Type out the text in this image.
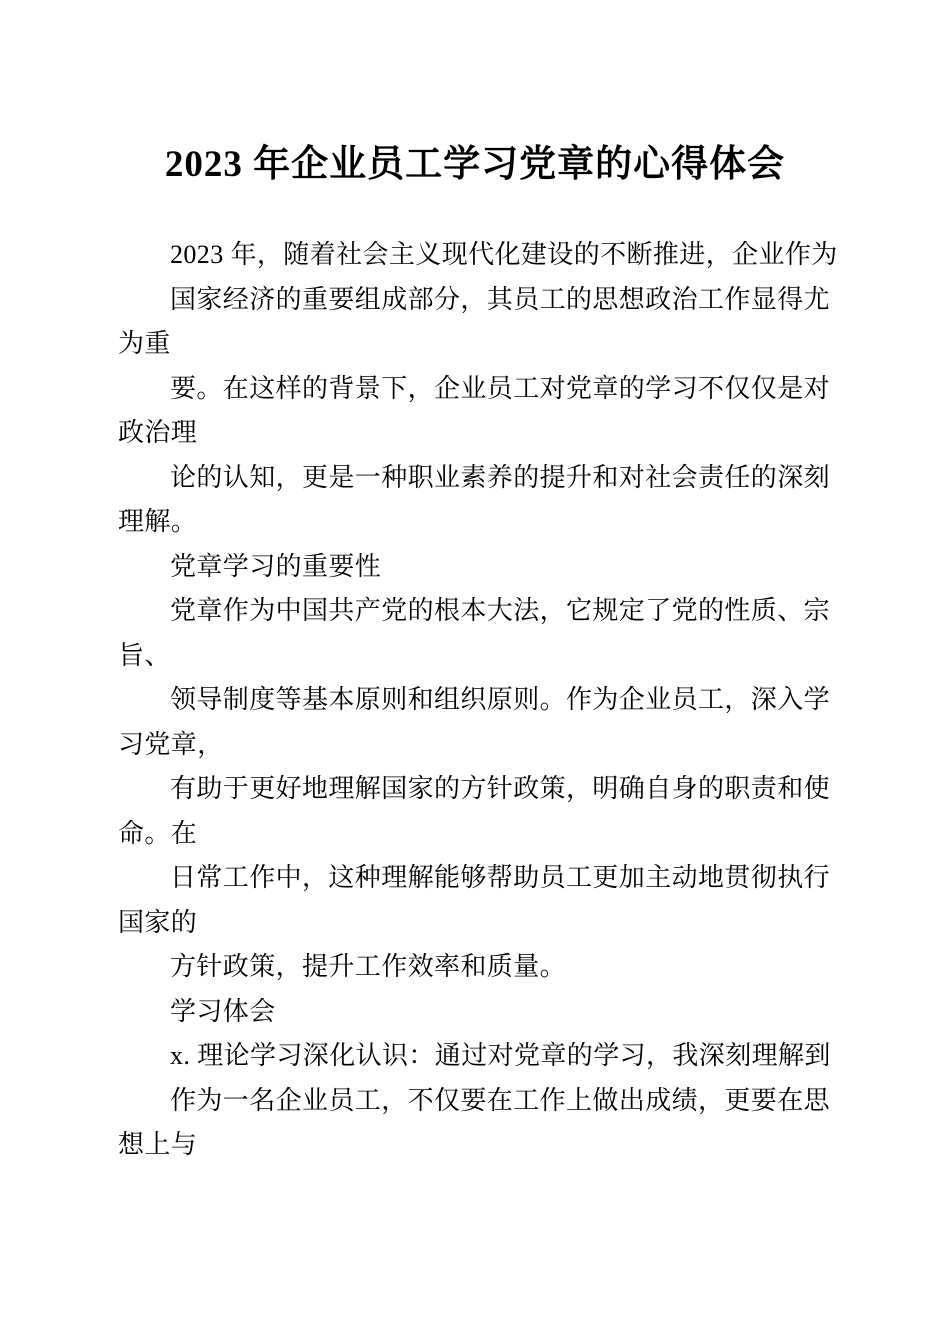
2023 年企业员工学习党章的心得体会
2023 年，随着社会主义现代化建设的不断推进，企业作为
国家经济的重要组成部分，其员工的思想政治工作显得尤
为重
要。在这样的背景下，企业员工对党章的学习不仅仅是对
政治理
论的认知，更是一种职业素养的提升和对社会责任的深刻
理解。
党章学习的重要性
党章作为中国共产党的根本大法，它规定了党的性质、宗
旨、
领导制度等基本原则和组织原则。作为企业员工，深入学
习党章，
有助于更好地理解国家的方针政策，明确自身的职责和使
命。在
日常工作中，这种理解能够帮助员工更加主动地贯彻执行
国家的
方针政策，提升工作效率和质量。
学习体会
x. 理论学习深化认识：通过对党章的学习，我深刻理解到
作为一名企业员工，不仅要在工作上做出成绩，更要在思
想上与
